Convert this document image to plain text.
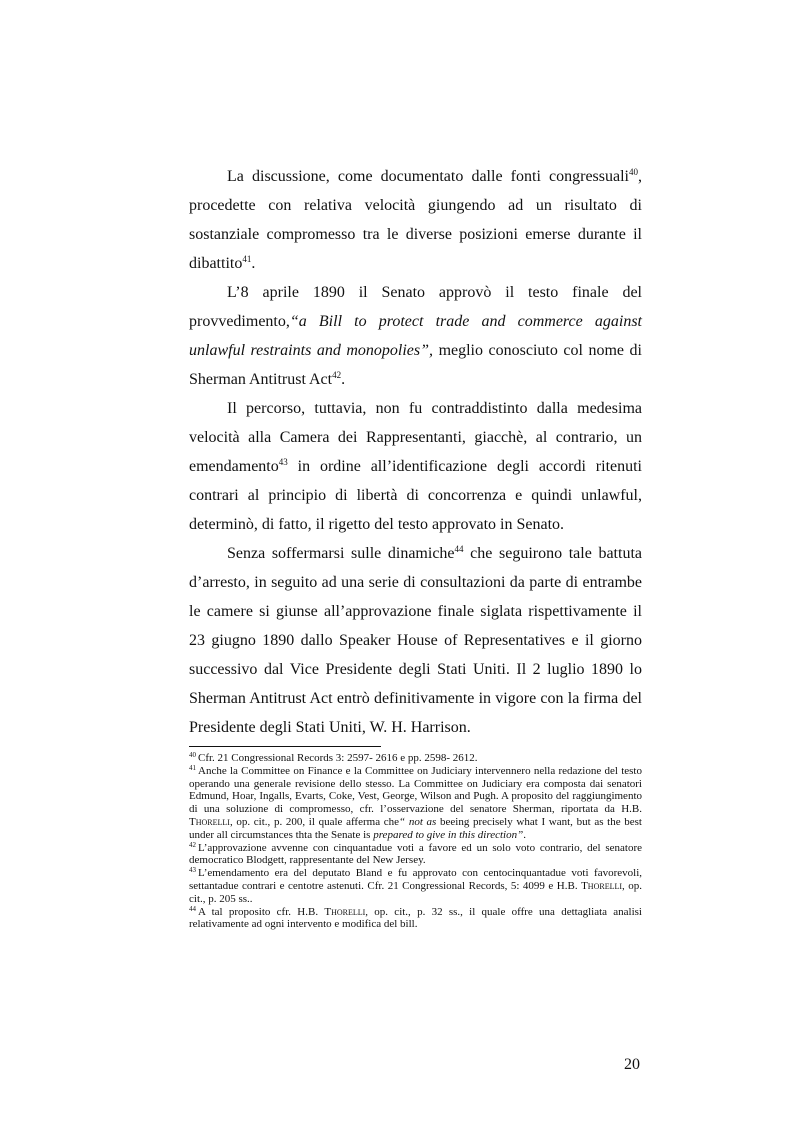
La discussione, come documentato dalle fonti congressuali$^{40}$, procedette con relativa velocità giungendo ad un risultato di sostanziale compromesso tra le diverse posizioni emerse durante il dibattito$^{41}$.

L’8 aprile 1890 il Senato approvò il testo finale del provvedimento,“a Bill to protect trade and commerce against unlawful restraints and monopolies”, meglio conosciuto col nome di Sherman Antitrust Act$^{42}$.

Il percorso, tuttavia, non fu contraddistinto dalla medesima velocità alla Camera dei Rappresentanti, giacchè, al contrario, un emendamento$^{43}$ in ordine all’identificazione degli accordi ritenuti contrari al principio di libertà di concorrenza e quindi unlawful, determinò, di fatto, il rigetto del testo approvato in Senato.

Senza soffermarsi sulle dinamiche$^{44}$ che seguirono tale battuta d’arresto, in seguito ad una serie di consultazioni da parte di entrambe le camere si giunse all’approvazione finale siglata rispettivamente il 23 giugno 1890 dallo Speaker House of Representatives e il giorno successivo dal Vice Presidente degli Stati Uniti. Il 2 luglio 1890 lo Sherman Antitrust Act entrò definitivamente in vigore con la firma del Presidente degli Stati Uniti, W. H. Harrison.

$^{40}$ Cfr. 21 Congressional Records 3: 2597- 2616 e pp. 2598- 2612.

$^{41}$ Anche la Committee on Finance e la Committee on Judiciary intervennero nella redazione del testo operando una generale revisione dello stesso. La Committee on Judiciary era composta dai senatori Edmund, Hoar, Ingalls, Evarts, Coke, Vest, George, Wilson and Pugh. A proposito del raggiungimento di una soluzione di compromesso, cfr. l’osservazione del senatore Sherman, riportata da H.B. Thorelli, op. cit., p. 200, il quale afferma che“ not as beeing precisely what I want, but as the best under all circumstances thta the Senate is prepared to give in this direction”.

$^{42}$ L’approvazione avvenne con cinquantadue voti a favore ed un solo voto contrario, del senatore democratico Blodgett, rappresentante del New Jersey.

$^{43}$ L’emendamento era del deputato Bland e fu approvato con centocinquantadue voti favorevoli, settantadue contrari e centotre astenuti. Cfr. 21 Congressional Records, 5: 4099 e H.B. Thorelli, op. cit., p. 205 ss..

$^{44}$ A tal proposito cfr. H.B. Thorelli, op. cit., p. 32 ss., il quale offre una dettagliata analisi relativamente ad ogni intervento e modifica del bill.

20
